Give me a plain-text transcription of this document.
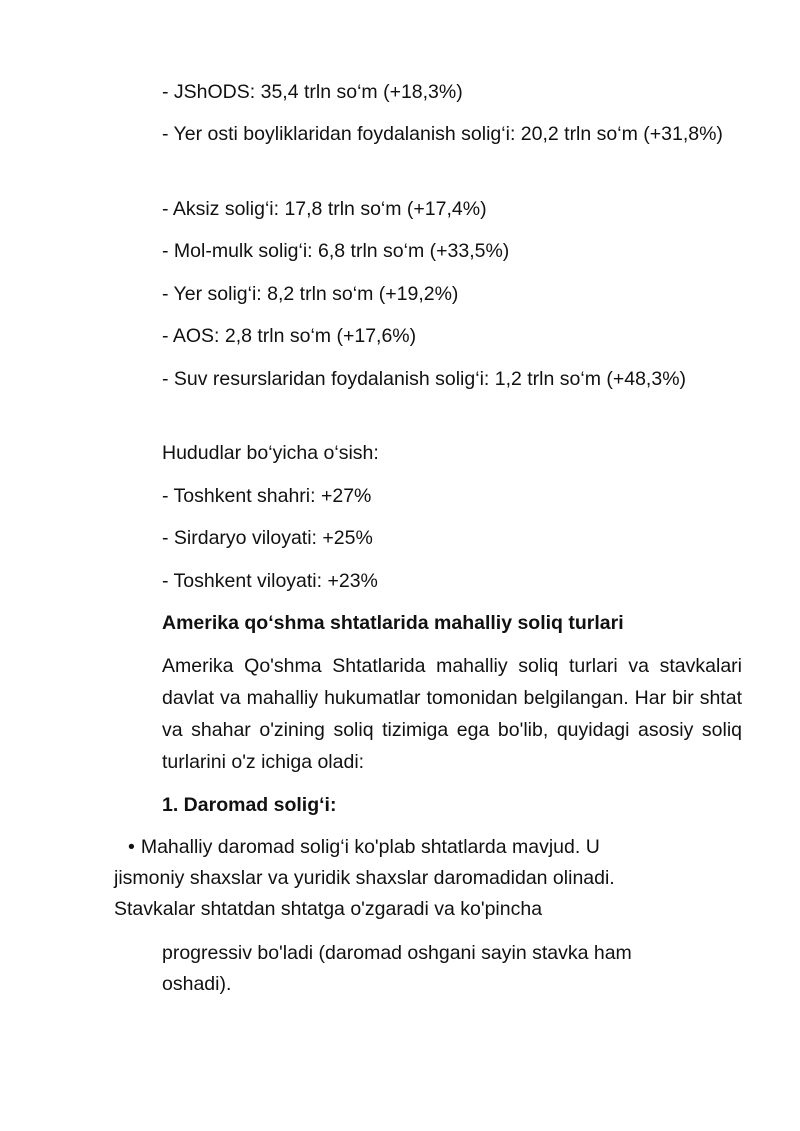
- JShODS: 35,4 trln so‘m (+18,3%)
- Yer osti boyliklaridan foydalanish solig‘i: 20,2 trln so‘m (+31,8%)
- Aksiz solig‘i: 17,8 trln so‘m (+17,4%)
- Mol-mulk solig‘i: 6,8 trln so‘m (+33,5%)
- Yer solig‘i: 8,2 trln so‘m (+19,2%)
- AOS: 2,8 trln so‘m (+17,6%)
- Suv resurslaridan foydalanish solig‘i: 1,2 trln so‘m (+48,3%)
Hududlar bo‘yicha o‘sish:
- Toshkent shahri: +27%
- Sirdaryo viloyati: +25%
- Toshkent viloyati: +23%
Amerika qo‘shma shtatlarida mahalliy soliq turlari
Amerika Qo'shma Shtatlarida mahalliy soliq turlari va stavkalari davlat va mahalliy hukumatlar tomonidan belgilangan. Har bir shtat va shahar o'zining soliq tizimiga ega bo'lib, quyidagi asosiy soliq turlarini o'z ichiga oladi:
1. Daromad solig‘i:
• Mahalliy daromad solig‘i ko'plab shtatlarda mavjud. U
jismoniy shaxslar va yuridik shaxslar daromadidan olinadi.
Stavkalar shtatdan shtatga o'zgaradi va ko'pincha
progressiv bo'ladi (daromad oshgani sayin stavka ham
oshadi).
